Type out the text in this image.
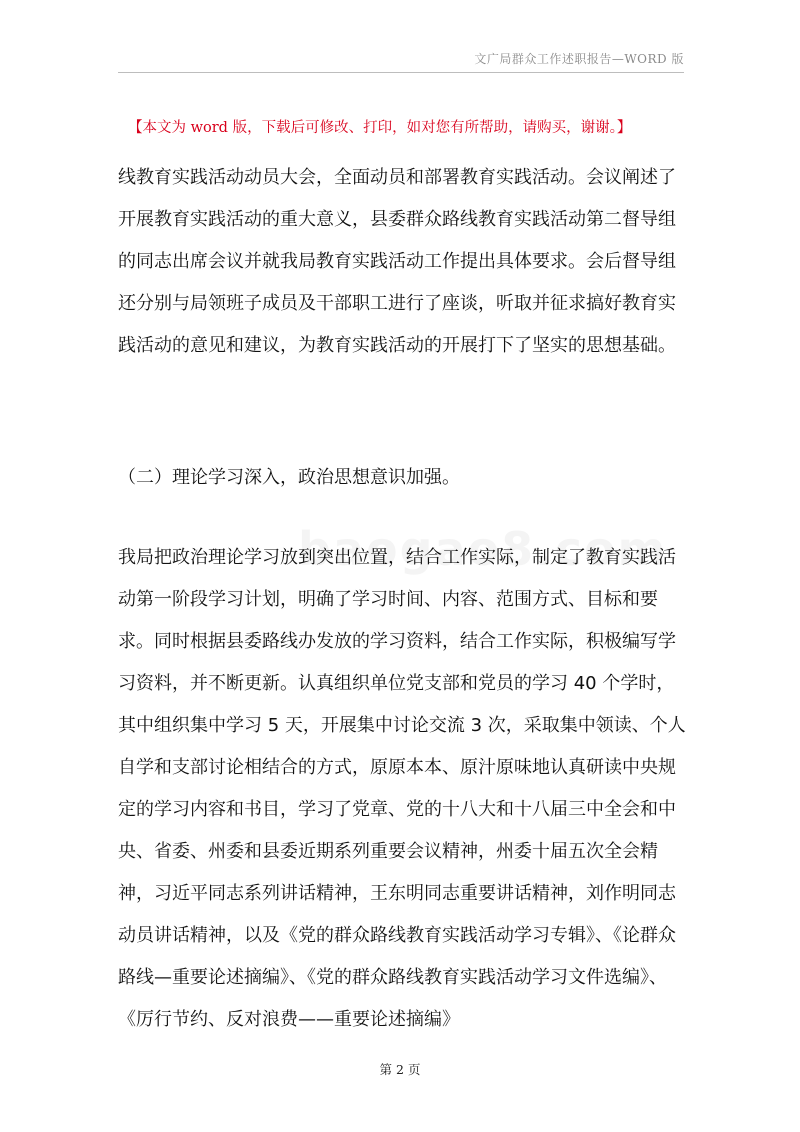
文广局群众工作述职报告—WORD 版
【本文为 word 版，下载后可修改、打印，如对您有所帮助，请购买，谢谢。】

线教育实践活动动员大会，全面动员和部署教育实践活动。会议阐述了开展教育实践活动的重大意义，县委群众路线教育实践活动第二督导组的同志出席会议并就我局教育实践活动工作提出具体要求。会后督导组还分别与局领班子成员及干部职工进行了座谈，听取并征求搞好教育实践活动的意见和建议，为教育实践活动的开展打下了坚实的思想基础。

（二）理论学习深入，政治思想意识加强。

我局把政治理论学习放到突出位置，结合工作实际，制定了教育实践活动第一阶段学习计划，明确了学习时间、内容、范围方式、目标和要求。同时根据县委路线办发放的学习资料，结合工作实际，积极编写学习资料，并不断更新。认真组织单位党支部和党员的学习 40 个学时，其中组织集中学习 5 天，开展集中讨论交流 3 次，采取集中领读、个人自学和支部讨论相结合的方式，原原本本、原汁原味地认真研读中央规定的学习内容和书目，学习了党章、党的十八大和十八届三中全会和中央、省委、州委和县委近期系列重要会议精神，州委十届五次全会精神，习近平同志系列讲话精神，王东明同志重要讲话精神，刘作明同志动员讲话精神，以及《党的群众路线教育实践活动学习专辑》、《论群众路线—重要论述摘编》、《党的群众路线教育实践活动学习文件选编》、《厉行节约、反对浪费——重要论述摘编》

第 2 页
